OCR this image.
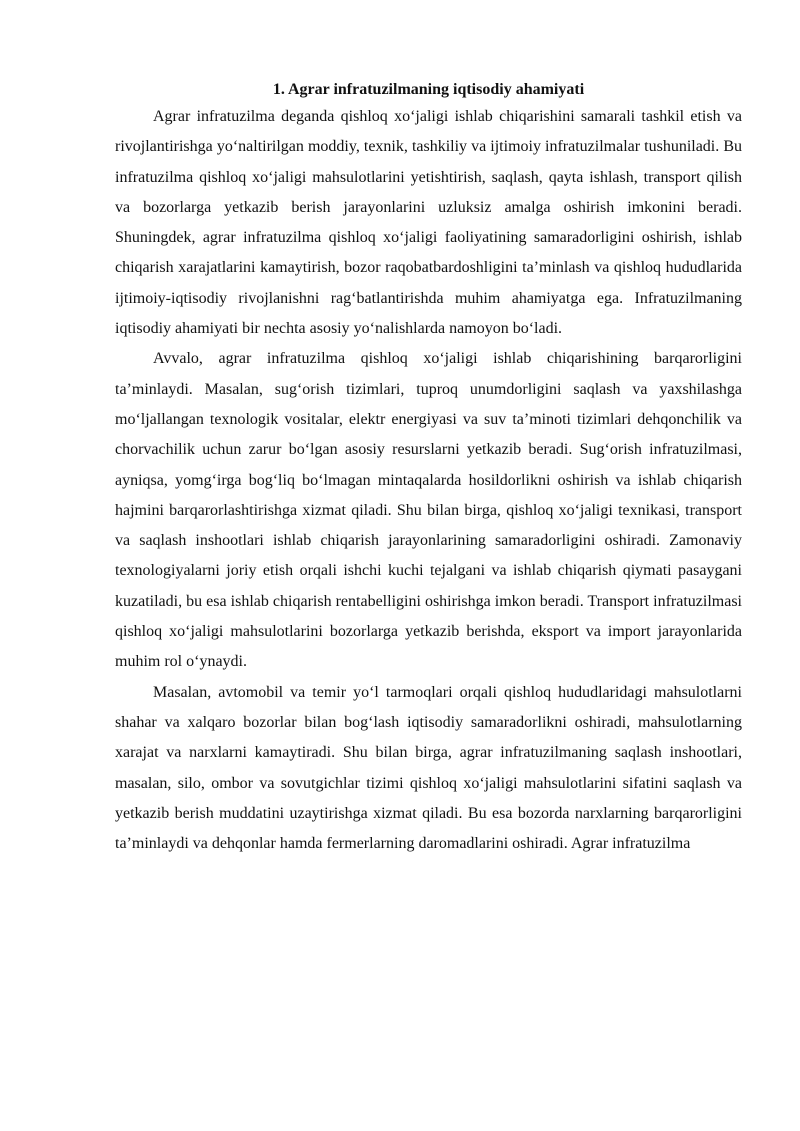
1. Agrar infratuzilmaning iqtisodiy ahamiyati

Agrar infratuzilma deganda qishloq xo‘jaligi ishlab chiqarishini samarali tashkil etish va rivojlantirishga yo‘naltirilgan moddiy, texnik, tashkiliy va ijtimoiy infratuzilmalar tushuniladi. Bu infratuzilma qishloq xo‘jaligi mahsulotlarini yetishtirish, saqlash, qayta ishlash, transport qilish va bozorlarga yetkazib berish jarayonlarini uzluksiz amalga oshirish imkonini beradi. Shuningdek, agrar infratuzilma qishloq xo‘jaligi faoliyatining samaradorligini oshirish, ishlab chiqarish xarajatlarini kamaytirish, bozor raqobatbardoshligini ta’minlash va qishloq hududlarida ijtimoiy-iqtisodiy rivojlanishni rag‘batlantirishda muhim ahamiyatga ega. Infratuzilmaning iqtisodiy ahamiyati bir nechta asosiy yo‘nalishlarda namoyon bo‘ladi.

Avvalo, agrar infratuzilma qishloq xo‘jaligi ishlab chiqarishining barqarorligini ta’minlaydi. Masalan, sug‘orish tizimlari, tuproq unumdorligini saqlash va yaxshilashga mo‘ljallangan texnologik vositalar, elektr energiyasi va suv ta’minoti tizimlari dehqonchilik va chorvachilik uchun zarur bo‘lgan asosiy resurslarni yetkazib beradi. Sug‘orish infratuzilmasi, ayniqsa, yomg‘irga bog‘liq bo‘lmagan mintaqalarda hosildorlikni oshirish va ishlab chiqarish hajmini barqarorlashtirishga xizmat qiladi. Shu bilan birga, qishloq xo‘jaligi texnikasi, transport va saqlash inshootlari ishlab chiqarish jarayonlarining samaradorligini oshiradi. Zamonaviy texnologiyalarni joriy etish orqali ishchi kuchi tejalgani va ishlab chiqarish qiymati pasaygani kuzatiladi, bu esa ishlab chiqarish rentabelligini oshirishga imkon beradi. Transport infratuzilmasi qishloq xo‘jaligi mahsulotlarini bozorlarga yetkazib berishda, eksport va import jarayonlarida muhim rol o‘ynaydi.

Masalan, avtomobil va temir yo‘l tarmoqlari orqali qishloq hududlaridagi mahsulotlarni shahar va xalqaro bozorlar bilan bog‘lash iqtisodiy samaradorlikni oshiradi, mahsulotlarning xarajat va narxlarni kamaytiradi. Shu bilan birga, agrar infratuzilmaning saqlash inshootlari, masalan, silo, ombor va sovutgichlar tizimi qishloq xo‘jaligi mahsulotlarini sifatini saqlash va yetkazib berish muddatini uzaytirishga xizmat qiladi. Bu esa bozorda narxlarning barqarorligini ta’minlaydi va dehqonlar hamda fermerlarning daromadlarini oshiradi. Agrar infratuzilma
